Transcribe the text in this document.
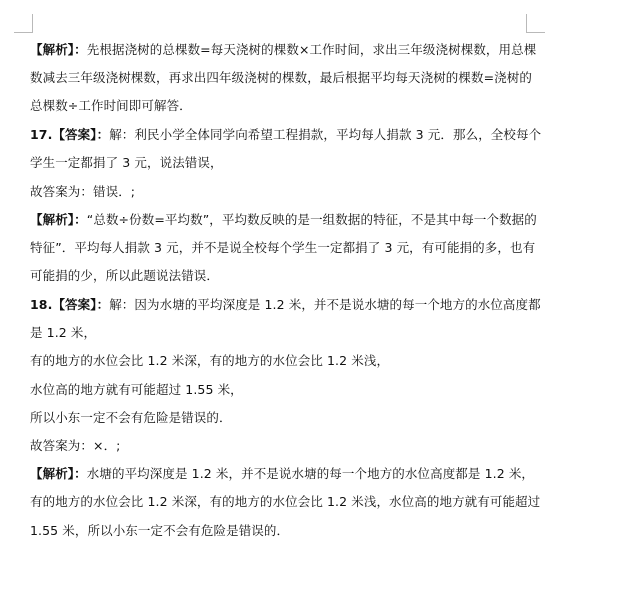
【解析】：先根据浇树的总棵数=每天浇树的棵数×工作时间，求出三年级浇树棵数，用总棵
数减去三年级浇树棵数，再求出四年级浇树的棵数，最后根据平均每天浇树的棵数=浇树的
总棵数÷工作时间即可解答．
17.【答案】：解：利民小学全体同学向希望工程捐款，平均每人捐款 3 元．那么，全校每个
学生一定都捐了 3 元，说法错误，
故答案为：错误．;
【解析】：“总数÷份数=平均数”，平均数反映的是一组数据的特征，不是其中每一个数据的
特征”．平均每人捐款 3 元，并不是说全校每个学生一定都捐了 3 元，有可能捐的多，也有
可能捐的少，所以此题说法错误．
18.【答案】：解：因为水塘的平均深度是 1.2 米，并不是说水塘的每一个地方的水位高度都
是 1.2 米，
有的地方的水位会比 1.2 米深，有的地方的水位会比 1.2 米浅，
水位高的地方就有可能超过 1.55 米，
所以小东一定不会有危险是错误的．
故答案为：×．;
【解析】：水塘的平均深度是 1.2 米，并不是说水塘的每一个地方的水位高度都是 1.2 米，
有的地方的水位会比 1.2 米深，有的地方的水位会比 1.2 米浅，水位高的地方就有可能超过
1.55 米，所以小东一定不会有危险是错误的．
